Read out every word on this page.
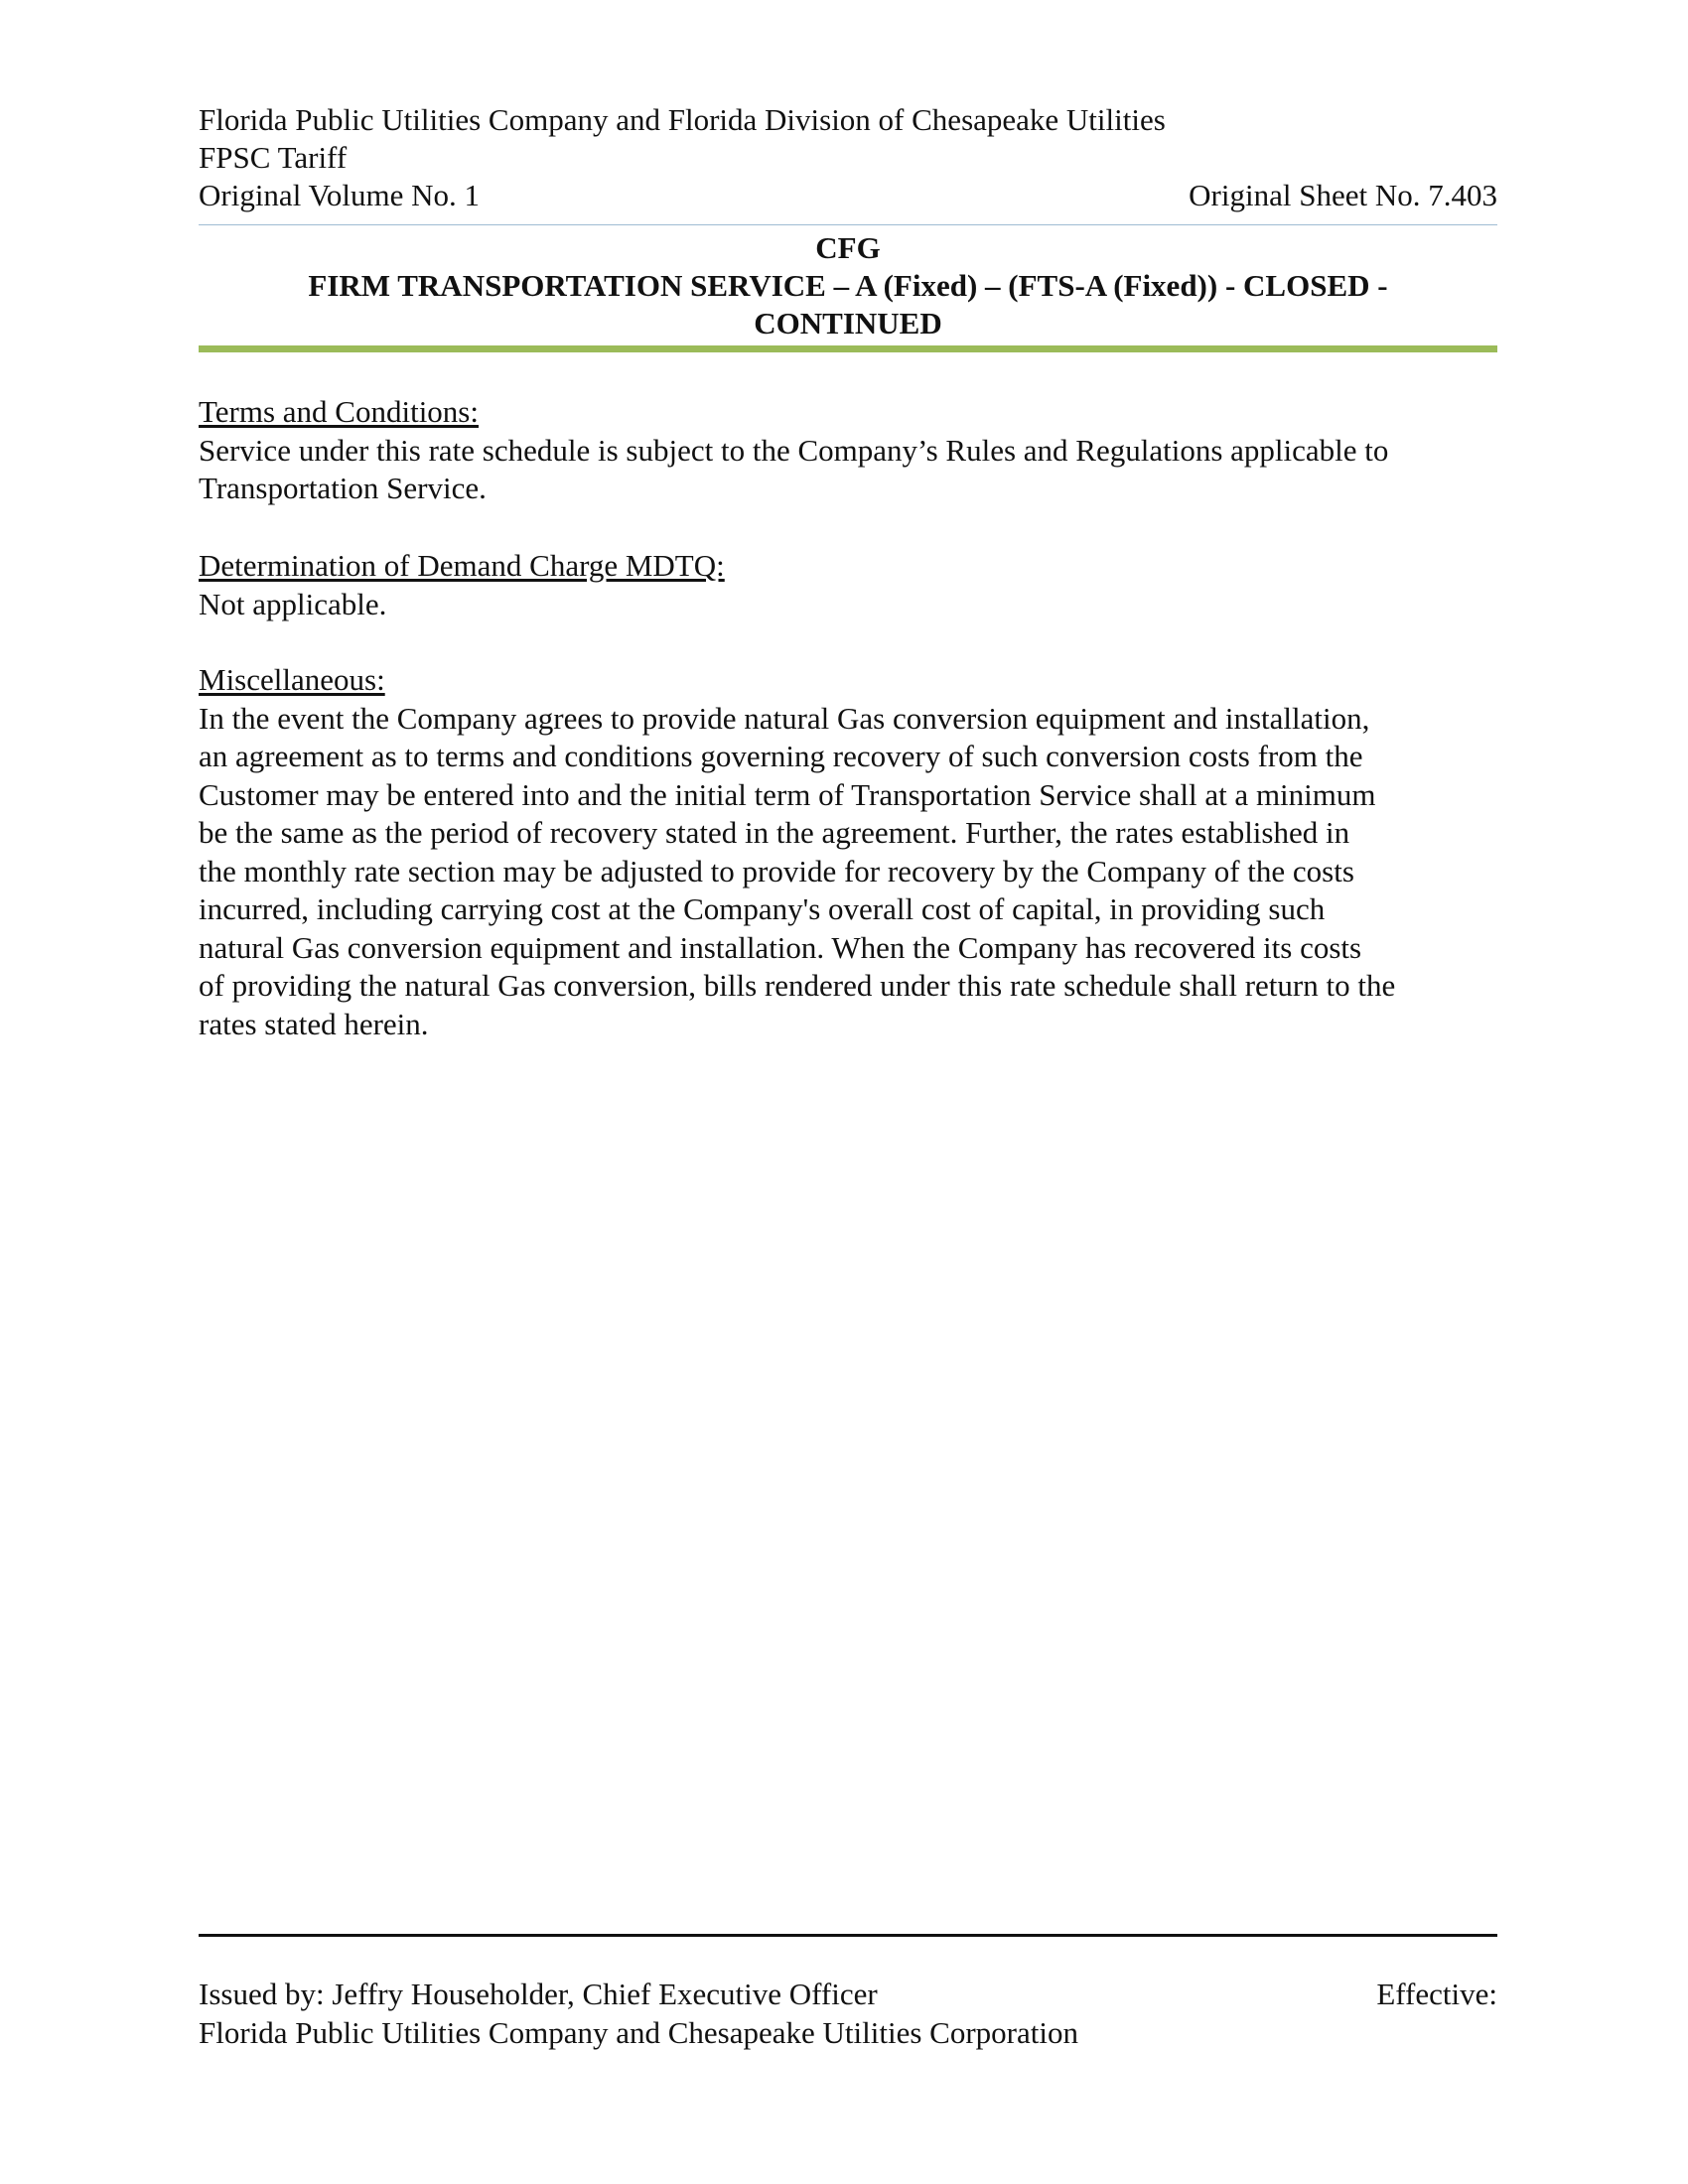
Florida Public Utilities Company and Florida Division of Chesapeake Utilities
FPSC Tariff
Original Volume No. 1	Original Sheet No. 7.403
CFG
FIRM TRANSPORTATION SERVICE – A (Fixed) – (FTS-A (Fixed)) - CLOSED -
CONTINUED
Terms and Conditions:
Service under this rate schedule is subject to the Company’s Rules and Regulations applicable to
Transportation Service.
Determination of Demand Charge MDTQ:
Not applicable.
Miscellaneous:
In the event the Company agrees to provide natural Gas conversion equipment and installation,
an agreement as to terms and conditions governing recovery of such conversion costs from the
Customer may be entered into and the initial term of Transportation Service shall at a minimum
be the same as the period of recovery stated in the agreement. Further, the rates established in
the monthly rate section may be adjusted to provide for recovery by the Company of the costs
incurred, including carrying cost at the Company's overall cost of capital, in providing such
natural Gas conversion equipment and installation. When the Company has recovered its costs
of providing the natural Gas conversion, bills rendered under this rate schedule shall return to the
rates stated herein.
Issued by: Jeffry Householder, Chief Executive Officer	Effective:
Florida Public Utilities Company and Chesapeake Utilities Corporation
